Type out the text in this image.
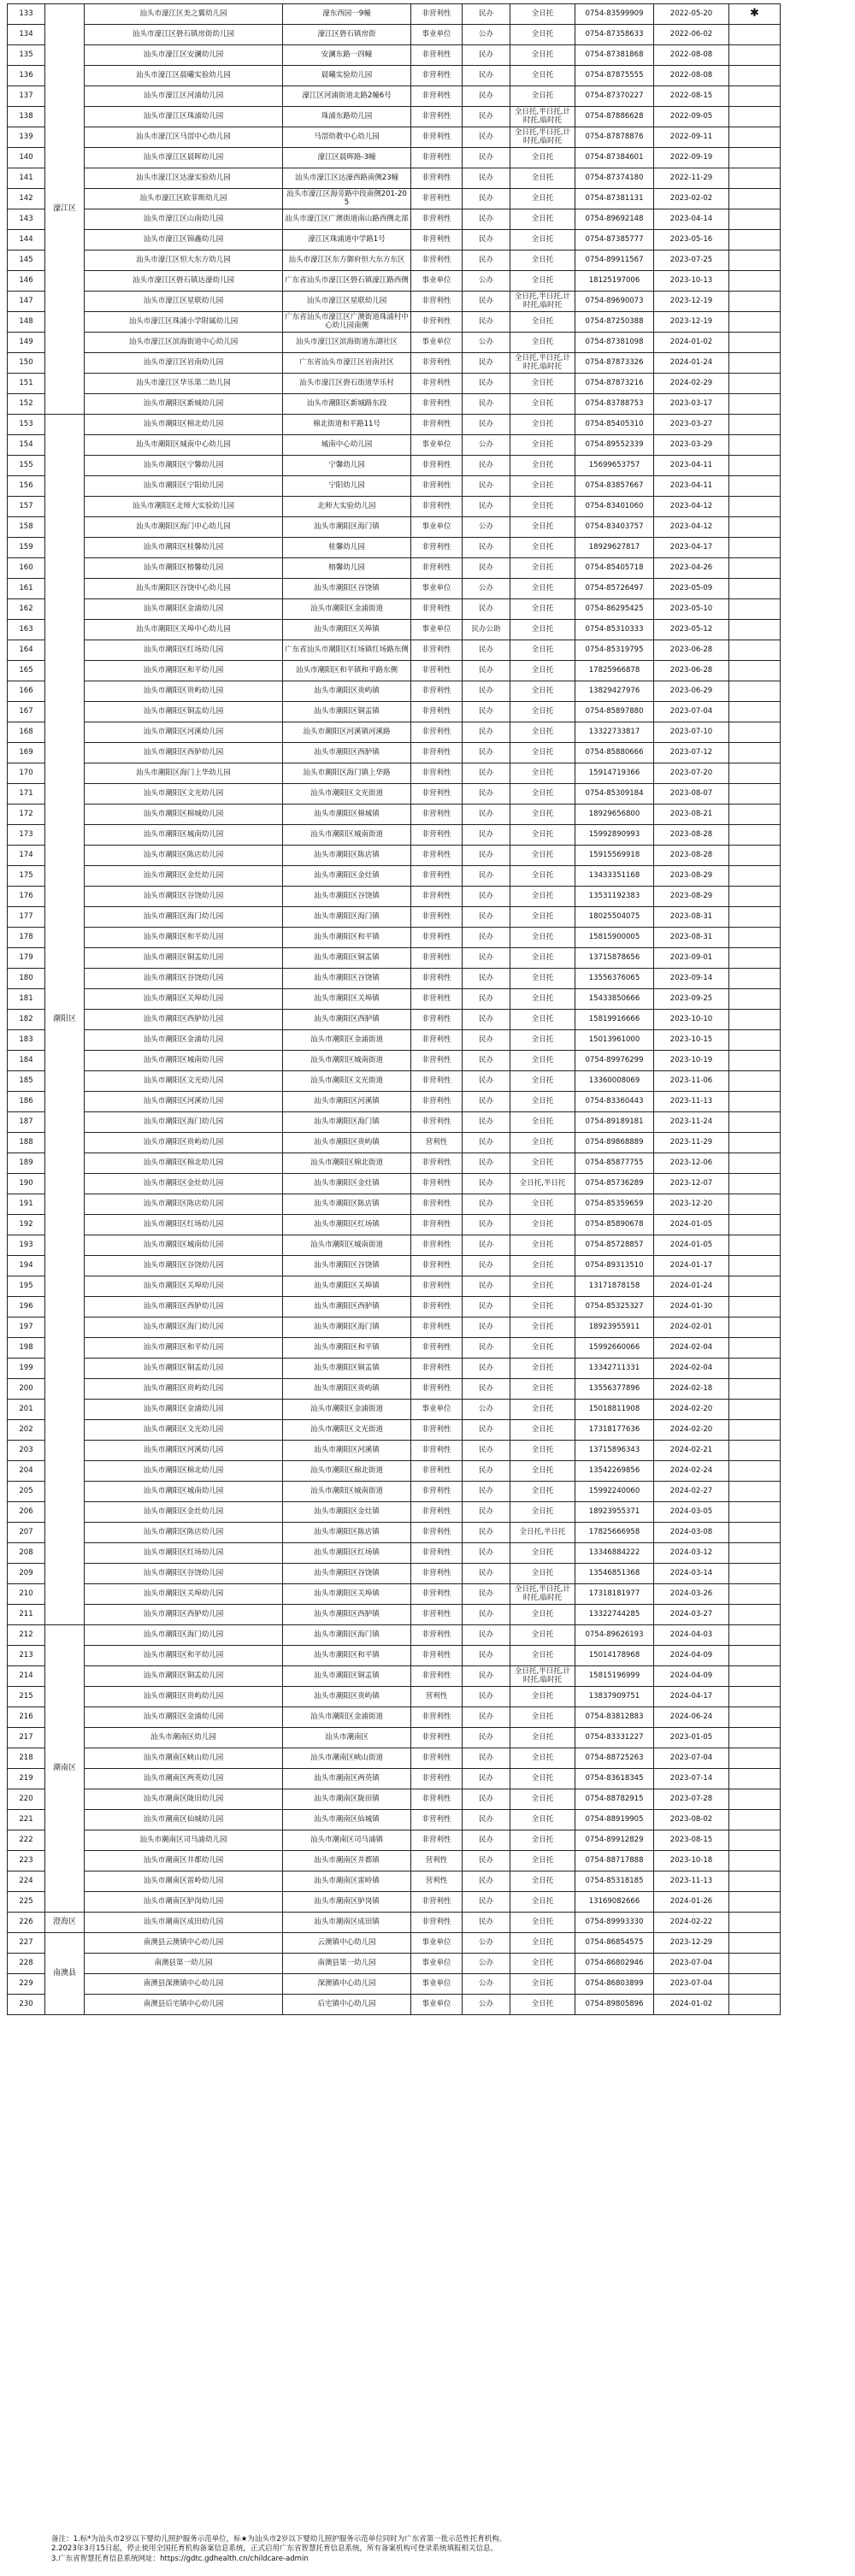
133	濠江区	汕头市濠江区美之翼幼儿园	濠东西园一9幢	非营利性	民办	全日托	0754-83599909	2022-05-20	✱
134		汕头市濠江区礐石镇房街幼儿园	濠江区礐石镇房街	事业单位	公办	全日托	0754-87358633	2022-06-02	
135		汕头市濠江区安澜幼儿园	安澜东路一四幢	非营利性	民办	全日托	0754-87381868	2022-08-08	
136		汕头市濠江区晨曦实验幼儿园	晨曦实验幼儿园	非营利性	民办	全日托	0754-87875555	2022-08-08	
137		汕头市濠江区河浦幼儿园	濠江区河浦街道北路2幢6号	非营利性	民办	全日托	0754-87370227	2022-08-15	
138		汕头市濠江区珠浦幼儿园	珠浦东路幼儿园	非营利性	民办	全日托,半日托,计时托,临时托	0754-87886628	2022-09-05	
139		汕头市濠江区马滘中心幼儿园	马滘幼教中心幼儿园	非营利性	民办	全日托,半日托,计时托,临时托	0754-87878876	2022-09-11	
140		汕头市濠江区晨晖幼儿园	濠江区晨晖路-3幢	非营利性	民办	全日托	0754-87384601	2022-09-19	
141		汕头市濠江区达濠实验幼儿园	汕头市濠江区达濠西路南侧23幢	非营利性	民办	全日托	0754-87374180	2022-11-29	
142		汕头市濠江区欧菲斯幼儿园	汕头市濠江区海旁路中段南侧201-205	非营利性	民办	全日托	0754-87381131	2023-02-02	
143		汕头市濠江区山南幼儿园	汕头市濠江区广澳街道南山路西侧北部	非营利性	民办	全日托	0754-89692148	2023-04-14	
144		汕头市濠江区锦鑫幼儿园	濠江区珠浦道中学路1号	非营利性	民办	全日托	0754-87385777	2023-05-16	
145		汕头市濠江区恒大东方幼儿园	汕头市濠江区东方御府恒大东方东区	非营利性	民办	全日托	0754-89911567	2023-07-25	
146		汕头市濠江区礐石镇达濠幼儿园	广东省汕头市濠江区礐石镇濠江路西侧	事业单位	公办	全日托	18125197006	2023-10-13	
147		汕头市濠江区星联幼儿园	汕头市濠江区星联幼儿园	非营利性	民办	全日托,半日托,计时托,临时托	0754-89690073	2023-12-19	
148		汕头市濠江区珠浦小学附属幼儿园	广东省汕头市濠江区广澳街道珠浦村中心幼儿园南侧	非营利性	民办	全日托	0754-87250388	2023-12-19	
149		汕头市濠江区滨海街道中心幼儿园	汕头市濠江区滨海街道东湖社区	事业单位	公办	全日托	0754-87381098	2024-01-02	
150		汕头市濠江区岩南幼儿园	广东省汕头市濠江区岩南社区	非营利性	民办	全日托,半日托,计时托,临时托	0754-87873326	2024-01-24	
151		汕头市濠江区华乐第二幼儿园	汕头市濠江区礐石街道华乐村	非营利性	民办	全日托	0754-87873216	2024-02-29	
152		汕头市潮阳区新城幼儿园	汕头市潮阳区新城路东段	非营利性	民办	全日托	0754-83788753	2023-03-17	
153	潮阳区	汕头市潮阳区棉北幼儿园	棉北街道和平路11号	非营利性	民办	全日托	0754-85405310	2023-03-27	
154		汕头市潮阳区城南中心幼儿园	城南中心幼儿园	事业单位	公办	全日托	0754-89552339	2023-03-29	
155		汕头市潮阳区宁馨幼儿园	宁馨幼儿园	非营利性	民办	全日托	15699653757	2023-04-11	
156		汕头市潮阳区宁阳幼儿园	宁阳幼儿园	非营利性	民办	全日托	0754-83857667	2023-04-11	
157		汕头市潮阳区北师大实验幼儿园	北师大实验幼儿园	非营利性	民办	全日托	0754-83401060	2023-04-12	
158		汕头市潮阳区海门中心幼儿园	汕头市潮阳区海门镇	事业单位	公办	全日托	0754-83403757	2023-04-12	
159		汕头市潮阳区桂馨幼儿园	桂馨幼儿园	非营利性	民办	全日托	18929627817	2023-04-17	
160		汕头市潮阳区榕馨幼儿园	榕馨幼儿园	非营利性	民办	全日托	0754-85405718	2023-04-26	
161		汕头市潮阳区谷饶中心幼儿园	汕头市潮阳区谷饶镇	事业单位	公办	全日托	0754-85726497	2023-05-09	
162		汕头市潮阳区金浦幼儿园	汕头市潮阳区金浦街道	非营利性	民办	全日托	0754-86295425	2023-05-10	
163		汕头市潮阳区关埠中心幼儿园	汕头市潮阳区关埠镇	事业单位	民办公助	全日托	0754-85310333	2023-05-12	
164		汕头市潮阳区红场幼儿园	广东省汕头市潮阳区红场镇红场路东侧	非营利性	民办	全日托	0754-85319795	2023-06-28	
165		汕头市潮阳区和平幼儿园	汕头市潮阳区和平镇和平路东侧	非营利性	民办	全日托	17825966878	2023-06-28	
166		汕头市潮阳区贵屿幼儿园	汕头市潮阳区贵屿镇	非营利性	民办	全日托	13829427976	2023-06-29	
167		汕头市潮阳区铜盂幼儿园	汕头市潮阳区铜盂镇	非营利性	民办	全日托	0754-85897880	2023-07-04	
168		汕头市潮阳区河溪幼儿园	汕头市潮阳区河溪镇河溪路	非营利性	民办	全日托	13322733817	2023-07-10	
169		汕头市潮阳区西胪幼儿园	汕头市潮阳区西胪镇	非营利性	民办	全日托	0754-85880666	2023-07-12	
170		汕头市潮阳区海门上华幼儿园	汕头市潮阳区海门镇上华路	非营利性	民办	全日托	15914719366	2023-07-20	
171		汕头市潮阳区文光幼儿园	汕头市潮阳区文光街道	非营利性	民办	全日托	0754-85309184	2023-08-07	
172		汕头市潮阳区棉城幼儿园	汕头市潮阳区棉城镇	非营利性	民办	全日托	18929656800	2023-08-21	
173		汕头市潮阳区城南幼儿园	汕头市潮阳区城南街道	非营利性	民办	全日托	15992890993	2023-08-28	
174		汕头市潮阳区陈店幼儿园	汕头市潮阳区陈店镇	非营利性	民办	全日托	15915569918	2023-08-28	
175		汕头市潮阳区金灶幼儿园	汕头市潮阳区金灶镇	非营利性	民办	全日托	13433351168	2023-08-29	
176		汕头市潮阳区谷饶幼儿园	汕头市潮阳区谷饶镇	非营利性	民办	全日托	13531192383	2023-08-29	
177		汕头市潮阳区海门幼儿园	汕头市潮阳区海门镇	非营利性	民办	全日托	18025504075	2023-08-31	
178		汕头市潮阳区和平幼儿园	汕头市潮阳区和平镇	非营利性	民办	全日托	15815900005	2023-08-31	
179		汕头市潮阳区铜盂幼儿园	汕头市潮阳区铜盂镇	非营利性	民办	全日托	13715878656	2023-09-01	
180		汕头市潮阳区谷饶幼儿园	汕头市潮阳区谷饶镇	非营利性	民办	全日托	13556376065	2023-09-14	
181		汕头市潮阳区关埠幼儿园	汕头市潮阳区关埠镇	非营利性	民办	全日托	15433850666	2023-09-25	
182		汕头市潮阳区西胪幼儿园	汕头市潮阳区西胪镇	非营利性	民办	全日托	15819916666	2023-10-10	
183		汕头市潮阳区金浦幼儿园	汕头市潮阳区金浦街道	非营利性	民办	全日托	15013961000	2023-10-15	
184		汕头市潮阳区城南幼儿园	汕头市潮阳区城南街道	非营利性	民办	全日托	0754-89976299	2023-10-19	
185		汕头市潮阳区文光幼儿园	汕头市潮阳区文光街道	非营利性	民办	全日托	13360008069	2023-11-06	
186		汕头市潮阳区河溪幼儿园	汕头市潮阳区河溪镇	非营利性	民办	全日托	0754-83360443	2023-11-13	
187		汕头市潮阳区海门幼儿园	汕头市潮阳区海门镇	非营利性	民办	全日托	0754-89189181	2023-11-24	
188		汕头市潮阳区贵屿幼儿园	汕头市潮阳区贵屿镇	营利性	民办	全日托	0754-89868889	2023-11-29	
189		汕头市潮阳区棉北幼儿园	汕头市潮阳区棉北街道	非营利性	民办	全日托	0754-85877755	2023-12-06	
190		汕头市潮阳区金灶幼儿园	汕头市潮阳区金灶镇	非营利性	民办	全日托,半日托	0754-85736289	2023-12-07	
191		汕头市潮阳区陈店幼儿园	汕头市潮阳区陈店镇	非营利性	民办	全日托	0754-85359659	2023-12-20	
192		汕头市潮阳区红场幼儿园	汕头市潮阳区红场镇	非营利性	民办	全日托	0754-85890678	2024-01-05	
193		汕头市潮阳区城南幼儿园	汕头市潮阳区城南街道	非营利性	民办	全日托	0754-85728857	2024-01-05	
194		汕头市潮阳区谷饶幼儿园	汕头市潮阳区谷饶镇	非营利性	民办	全日托	0754-89313510	2024-01-17	
195		汕头市潮阳区关埠幼儿园	汕头市潮阳区关埠镇	非营利性	民办	全日托	13171878158	2024-01-24	
196		汕头市潮阳区西胪幼儿园	汕头市潮阳区西胪镇	非营利性	民办	全日托	0754-85325327	2024-01-30	
197		汕头市潮阳区海门幼儿园	汕头市潮阳区海门镇	非营利性	民办	全日托	18923955911	2024-02-01	
198		汕头市潮阳区和平幼儿园	汕头市潮阳区和平镇	非营利性	民办	全日托	15992660066	2024-02-04	
199		汕头市潮阳区铜盂幼儿园	汕头市潮阳区铜盂镇	非营利性	民办	全日托	13342711331	2024-02-04	
200		汕头市潮阳区贵屿幼儿园	汕头市潮阳区贵屿镇	非营利性	民办	全日托	13556377896	2024-02-18	
201		汕头市潮阳区金浦幼儿园	汕头市潮阳区金浦街道	事业单位	公办	全日托	15018811908	2024-02-20	
202		汕头市潮阳区文光幼儿园	汕头市潮阳区文光街道	非营利性	民办	全日托	17318177636	2024-02-20	
203		汕头市潮阳区河溪幼儿园	汕头市潮阳区河溪镇	非营利性	民办	全日托	13715896343	2024-02-21	
204		汕头市潮阳区棉北幼儿园	汕头市潮阳区棉北街道	非营利性	民办	全日托	13542269856	2024-02-24	
205		汕头市潮阳区城南幼儿园	汕头市潮阳区城南街道	非营利性	民办	全日托	15992240060	2024-02-27	
206		汕头市潮阳区金灶幼儿园	汕头市潮阳区金灶镇	非营利性	民办	全日托	18923955371	2024-03-05	
207		汕头市潮阳区陈店幼儿园	汕头市潮阳区陈店镇	非营利性	民办	全日托,半日托	17825666958	2024-03-08	
208		汕头市潮阳区红场幼儿园	汕头市潮阳区红场镇	非营利性	民办	全日托	13346884222	2024-03-12	
209		汕头市潮阳区谷饶幼儿园	汕头市潮阳区谷饶镇	非营利性	民办	全日托	13546851368	2024-03-14	
210		汕头市潮阳区关埠幼儿园	汕头市潮阳区关埠镇	非营利性	民办	全日托,半日托,计时托,临时托	17318181977	2024-03-26	
211		汕头市潮阳区西胪幼儿园	汕头市潮阳区西胪镇	非营利性	民办	全日托	13322744285	2024-03-27	
212	潮南区	汕头市潮阳区海门幼儿园	汕头市潮阳区海门镇	非营利性	民办	全日托	0754-89626193	2024-04-03	
213		汕头市潮阳区和平幼儿园	汕头市潮阳区和平镇	非营利性	民办	全日托	15014178968	2024-04-09	
214		汕头市潮阳区铜盂幼儿园	汕头市潮阳区铜盂镇	非营利性	民办	全日托,半日托,计时托,临时托	15815196999	2024-04-09	
215		汕头市潮阳区贵屿幼儿园	汕头市潮阳区贵屿镇	营利性	民办	全日托	13837909751	2024-04-17	
216		汕头市潮阳区金浦幼儿园	汕头市潮阳区金浦街道	非营利性	民办	全日托	0754-83812883	2024-06-24	
217		汕头市潮南区幼儿园	汕头市潮南区	非营利性	民办	全日托	0754-83331227	2023-01-05	
218		汕头市潮南区峡山幼儿园	汕头市潮南区峡山街道	非营利性	民办	全日托	0754-88725263	2023-07-04	
219		汕头市潮南区两英幼儿园	汕头市潮南区两英镇	非营利性	民办	全日托	0754-83618345	2023-07-14	
220		汕头市潮南区陇田幼儿园	汕头市潮南区陇田镇	非营利性	民办	全日托	0754-88782915	2023-07-28	
221		汕头市潮南区仙城幼儿园	汕头市潮南区仙城镇	非营利性	民办	全日托	0754-88919905	2023-08-02	
222		汕头市潮南区司马浦幼儿园	汕头市潮南区司马浦镇	非营利性	民办	全日托	0754-89912829	2023-08-15	
223		汕头市潮南区井都幼儿园	汕头市潮南区井都镇	营利性	民办	全日托	0754-88717888	2023-10-18	
224		汕头市潮南区雷岭幼儿园	汕头市潮南区雷岭镇	营利性	民办	全日托	0754-85318185	2023-11-13	
225		汕头市潮南区胪岗幼儿园	汕头市潮南区胪岗镇	非营利性	民办	全日托	13169082666	2024-01-26	
226	澄海区	汕头市潮南区成田幼儿园	汕头市潮南区成田镇	非营利性	民办	全日托	0754-89993330	2024-02-22	
227	南澳县	南澳县云澳镇中心幼儿园	云澳镇中心幼儿园	事业单位	公办	全日托	0754-86854575	2023-12-29	
228		南澳县第一幼儿园	南澳县第一幼儿园	事业单位	公办	全日托	0754-86802946	2023-07-04	
229		南澳县深澳镇中心幼儿园	深澳镇中心幼儿园	事业单位	公办	全日托	0754-86803899	2023-07-04	
230		南澳县后宅镇中心幼儿园	后宅镇中心幼儿园	事业单位	公办	全日托	0754-89805896	2024-01-02	
备注：1.标*为汕头市2岁以下婴幼儿照护服务示范单位，标★为汕头市2岁以下婴幼儿照护服务示范单位同时为广东省第一批示范性托育机构。
2.2023年3月15日起，停止使用全国托育机构备案信息系统，正式启用广东省智慧托育信息系统，所有备案机构可登录系统填报相关信息。
3.广东省智慧托育信息系统网址：https://gdtc.gdhealth.cn/childcare-admin
